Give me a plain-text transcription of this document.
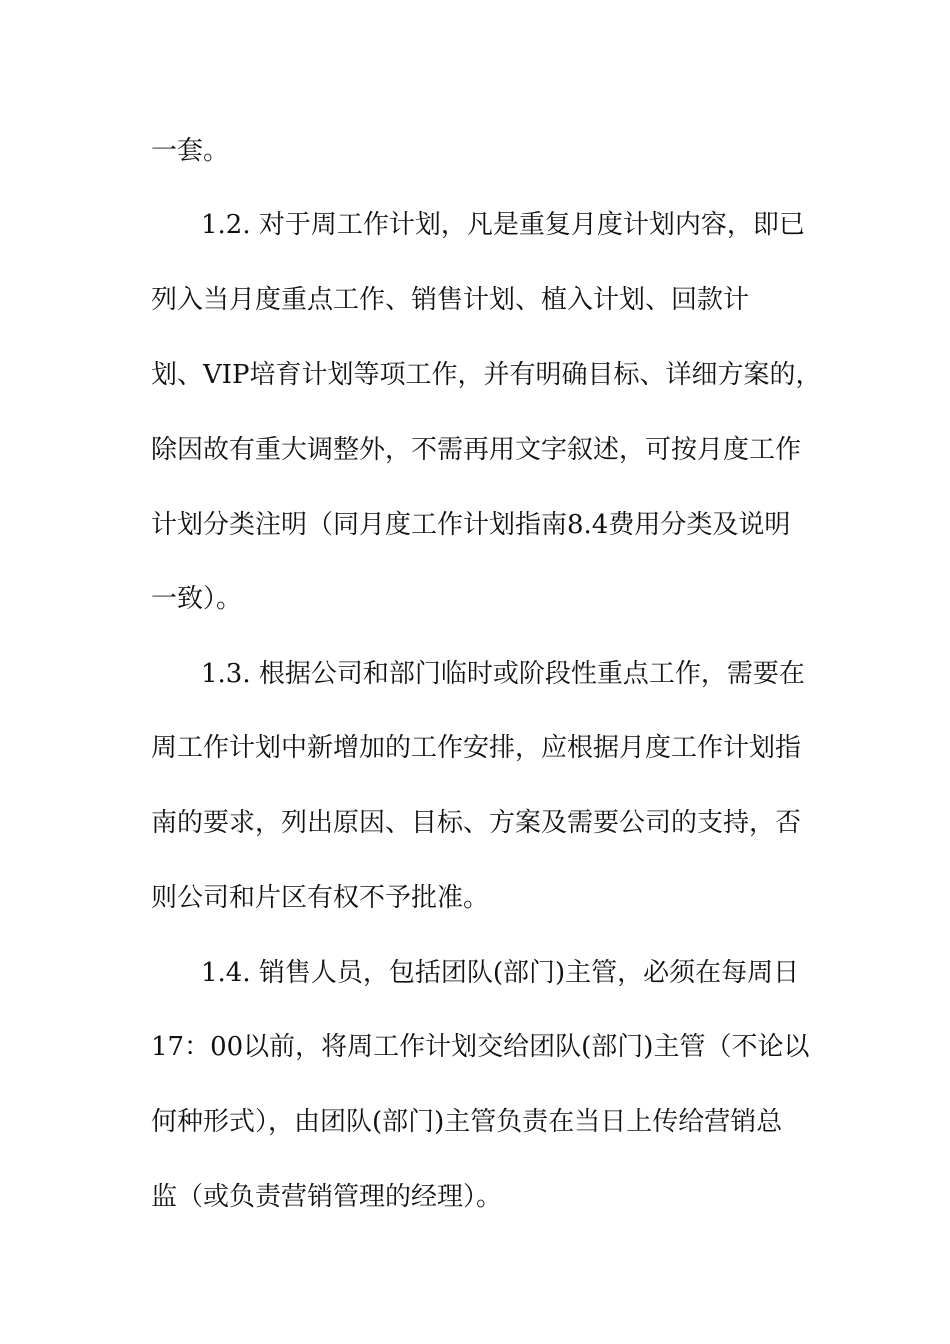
一套。
1.2. 对于周工作计划，凡是重复月度计划内容，即已
列入当月度重点工作、销售计划、植入计划、回款计
划、VIP培育计划等项工作，并有明确目标、详细方案的，
除因故有重大调整外，不需再用文字叙述，可按月度工作
计划分类注明（同月度工作计划指南8.4费用分类及说明
一致）。
1.3. 根据公司和部门临时或阶段性重点工作，需要在
周工作计划中新增加的工作安排，应根据月度工作计划指
南的要求，列出原因、目标、方案及需要公司的支持，否
则公司和片区有权不予批准。
1.4. 销售人员，包括团队(部门)主管，必须在每周日
17：00以前，将周工作计划交给团队(部门)主管（不论以
何种形式），由团队(部门)主管负责在当日上传给营销总
监（或负责营销管理的经理）。
